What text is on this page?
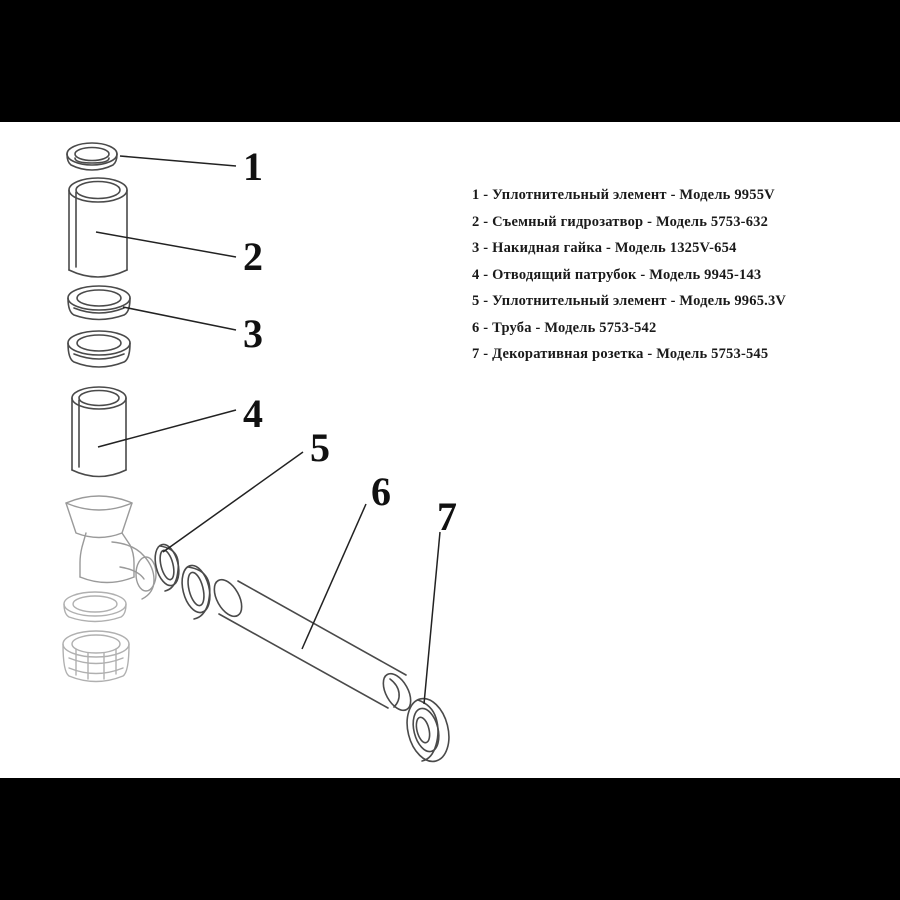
1
2
3
4
5
6
7
1 - Уплотнительный элемент - Модель 9955V
2 - Съемный гидрозатвор - Модель 5753-632
3 - Накидная гайка - Модель 1325V-654
4 - Отводящий патрубок - Модель 9945-143
5 - Уплотнительный элемент - Модель 9965.3V
6 - Труба - Модель 5753-542
7 - Декоративная розетка - Модель 5753-545
